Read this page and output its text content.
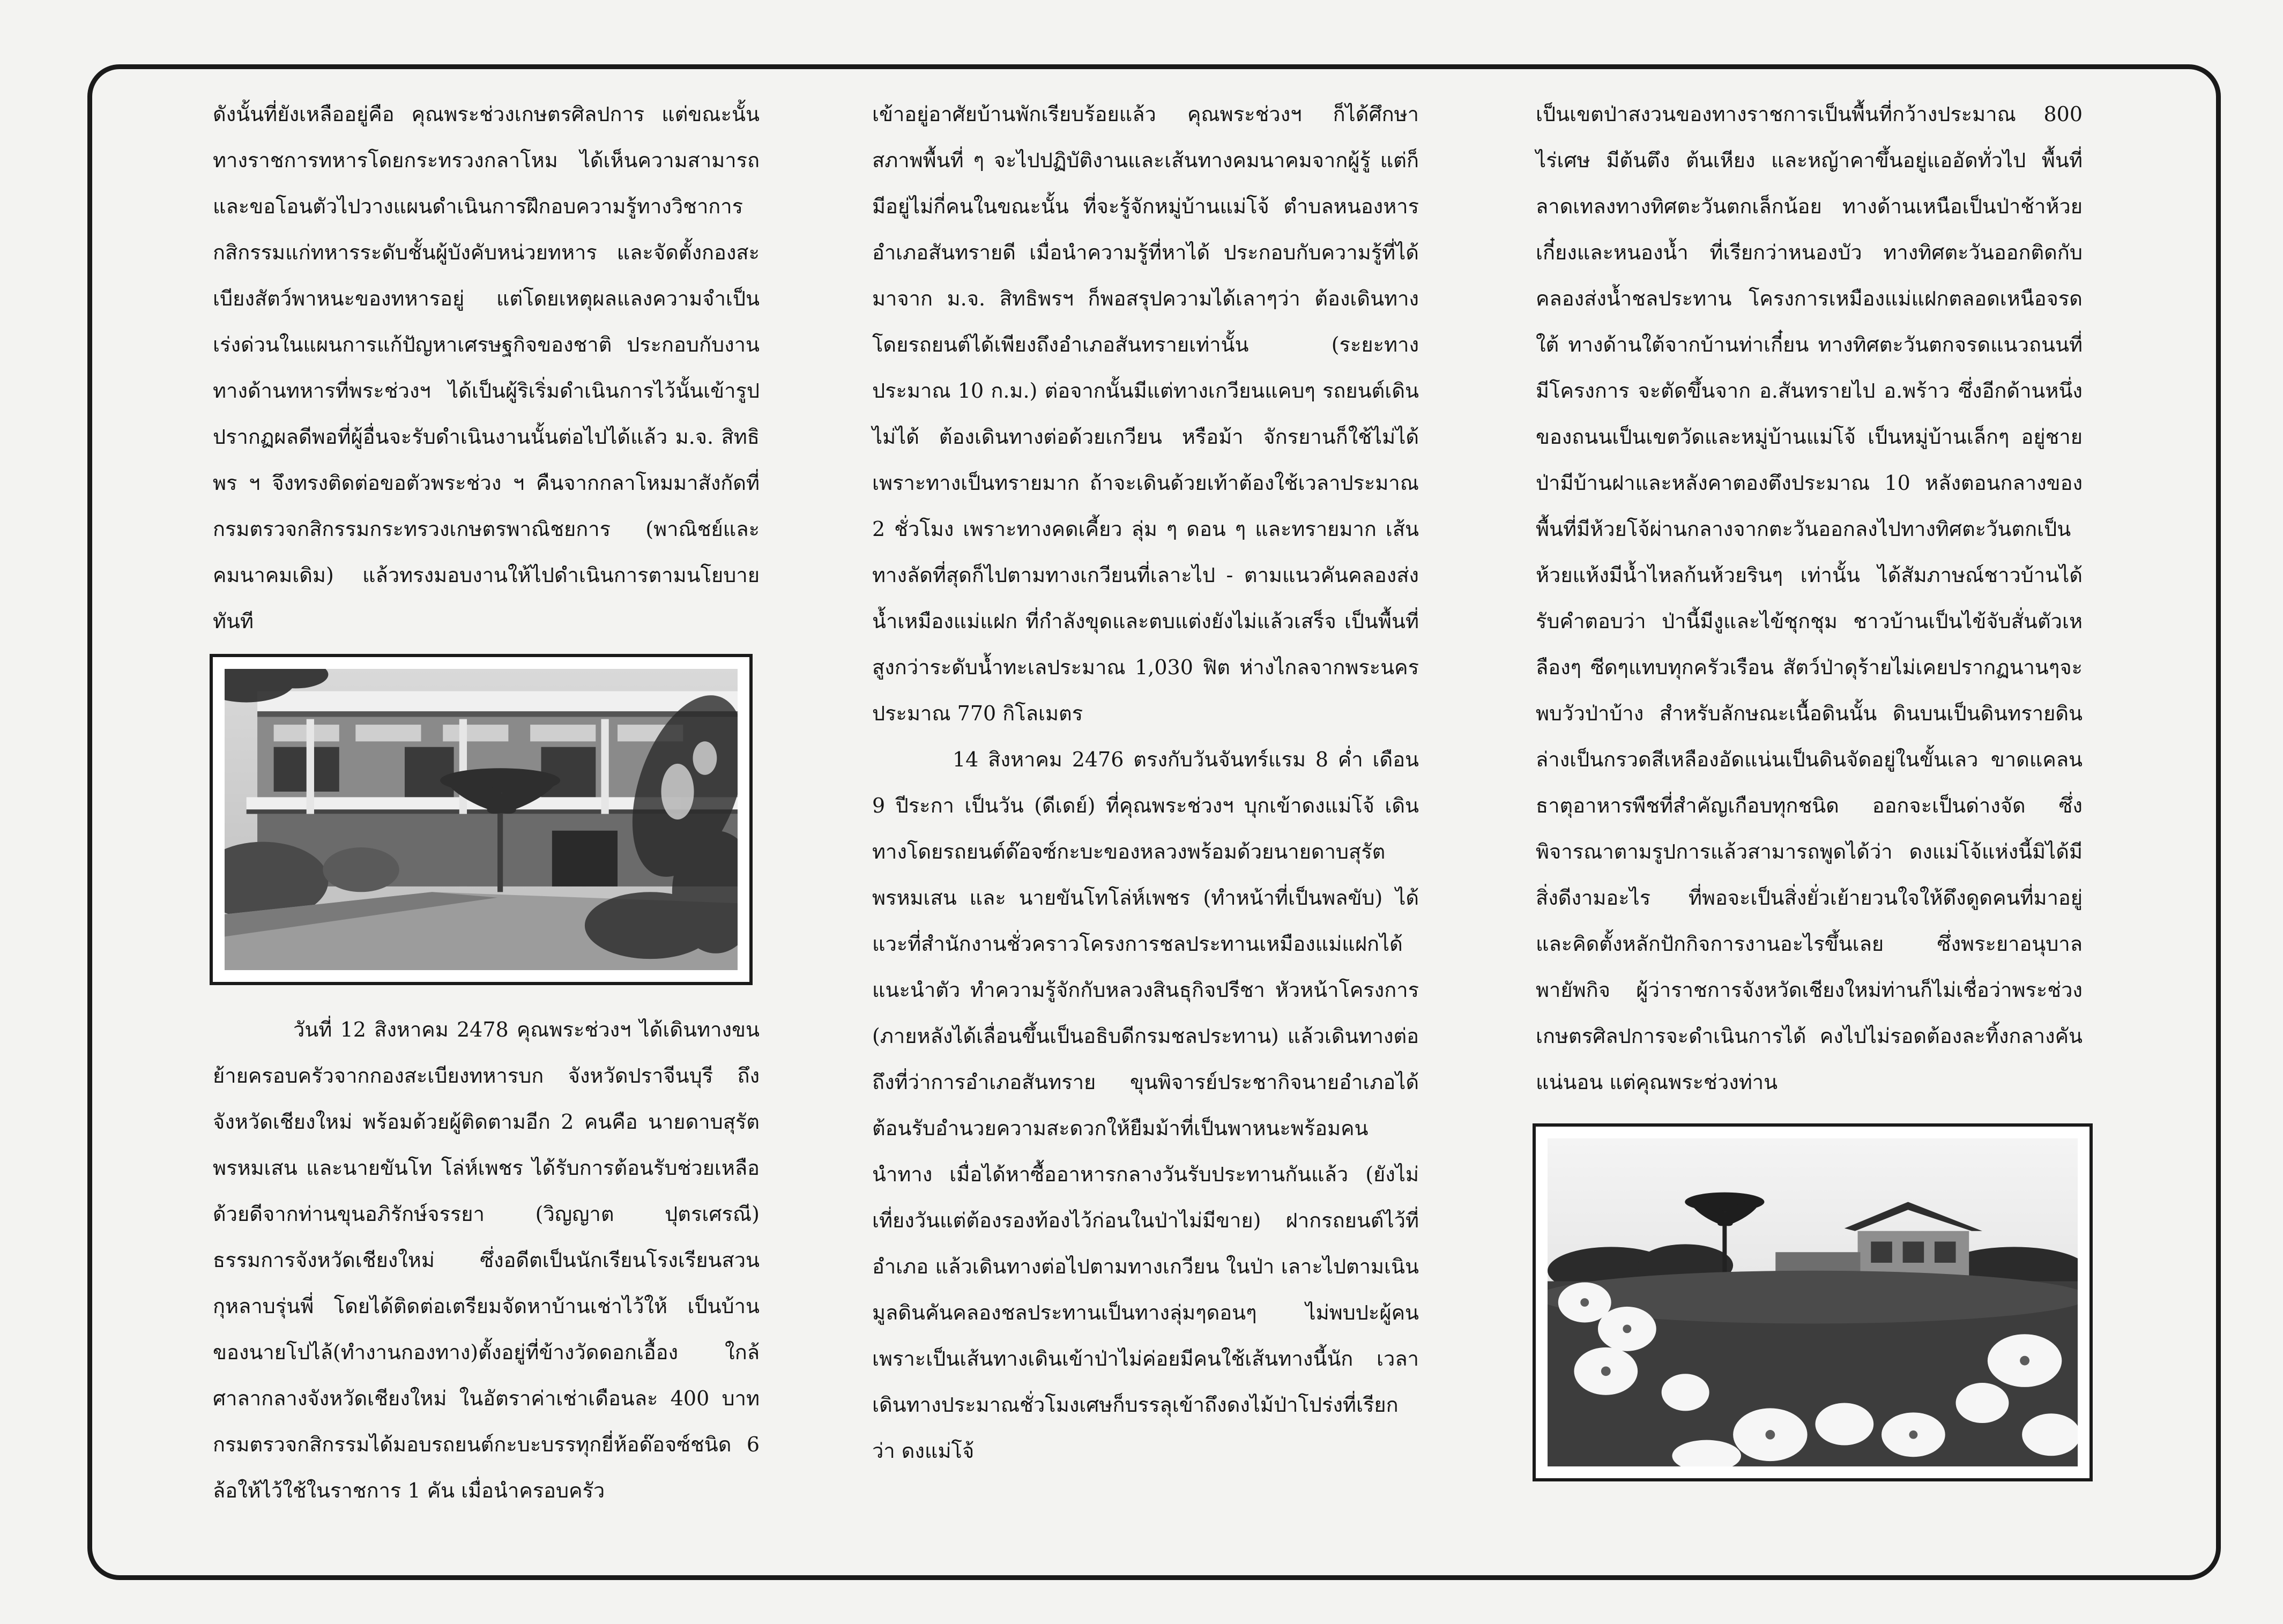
ดังนั้นที่ยังเหลืออยู่คือ คุณพระช่วงเกษตรศิลปการ แต่ขณะนั้นทางราชการทหารโดยกระทรวงกลาโหม ได้เห็นความสามารถและขอโอนตัวไปวางแผนดำเนินการฝึกอบความรู้ทางวิชาการกสิกรรมแก่ทหารระดับชั้นผู้บังคับหน่วยทหาร และจัดตั้งกองสะเบียงสัตว์พาหนะของทหารอยู่ แต่โดยเหตุผลแลงความจำเป็นเร่งด่วนในแผนการแก้ปัญหาเศรษฐกิจของชาติ ประกอบกับงานทางด้านทหารที่พระช่วงฯ ได้เป็นผู้ริเริ่มดำเนินการไว้นั้นเข้ารูปปรากฏผลดีพอที่ผู้อื่นจะรับดำเนินงานนั้นต่อไปได้แล้ว ม.จ. สิทธิพร ฯ จึงทรงติดต่อขอตัวพระช่วง ฯ คืนจากกลาโหมมาสังกัดที่กรมตรวจกสิกรรมกระทรวงเกษตรพาณิชยการ (พาณิชย์และคมนาคมเดิม) แล้วทรงมอบงานให้ไปดำเนินการตามนโยบายทันที

วันที่ 12 สิงหาคม 2478 คุณพระช่วงฯ ได้เดินทางขนย้ายครอบครัวจากกองสะเบียงทหารบก จังหวัดปราจีนบุรี ถึงจังหวัดเชียงใหม่ พร้อมด้วยผู้ติดตามอีก 2 คนคือ นายดาบสุรัต พรหมเสน และนายขันโท โล่ห์เพชร ได้รับการต้อนรับช่วยเหลือด้วยดีจากท่านขุนอภิรักษ์จรรยา (วิญญาต ปุตรเศรณี) ธรรมการจังหวัดเชียงใหม่ ซึ่งอดีตเป็นนักเรียนโรงเรียนสวนกุหลาบรุ่นพี่ โดยได้ติดต่อเตรียมจัดหาบ้านเช่าไว้ให้ เป็นบ้านของนายโปไล้(ทำงานกองทาง)ตั้งอยู่ที่ข้างวัดดอกเอื้อง ใกล้ศาลากลางจังหวัดเชียงใหม่ ในอัตราค่าเช่าเดือนละ 400 บาท กรมตรวจกสิกรรมได้มอบรถยนต์กะบะบรรทุกยี่ห้อด๊อจซ์ชนิด 6 ล้อให้ไว้ใช้ในราชการ 1 คัน เมื่อนำครอบครัว

เข้าอยู่อาศัยบ้านพักเรียบร้อยแล้ว คุณพระช่วงฯ ก็ได้ศึกษาสภาพพื้นที่ ๆ จะไปปฏิบัติงานและเส้นทางคมนาคมจากผู้รู้ แต่ก็มีอยู่ไม่กี่คนในขณะนั้น ที่จะรู้จักหมู่บ้านแม่โจ้ ตำบลหนองหาร อำเภอสันทรายดี เมื่อนำความรู้ที่หาได้ ประกอบกับความรู้ที่ได้มาจาก ม.จ. สิทธิพรฯ ก็พอสรุปความได้เลาๆว่า ต้องเดินทางโดยรถยนต์ได้เพียงถึงอำเภอสันทรายเท่านั้น (ระยะทางประมาณ 10 ก.ม.) ต่อจากนั้นมีแต่ทางเกวียนแคบๆ รถยนต์เดินไม่ได้ ต้องเดินทางต่อด้วยเกวียน หรือม้า จักรยานก็ใช้ไม่ได้เพราะทางเป็นทรายมาก ถ้าจะเดินด้วยเท้าต้องใช้เวลาประมาณ 2 ชั่วโมง เพราะทางคดเคี้ยว ลุ่ม ๆ ดอน ๆ และทรายมาก เส้นทางลัดที่สุดก็ไปตามทางเกวียนที่เลาะไป - ตามแนวคันคลองส่งน้ำเหมืองแม่แฝก ที่กำลังขุดและตบแต่งยังไม่แล้วเสร็จ เป็นพื้นที่สูงกว่าระดับน้ำทะเลประมาณ 1,030 ฟิต ห่างไกลจากพระนครประมาณ 770 กิโลเมตร

14 สิงหาคม 2476 ตรงกับวันจันทร์แรม 8 ค่ำ เดือน 9 ปีระกา เป็นวัน (ดีเดย์) ที่คุณพระช่วงฯ บุกเข้าดงแม่โจ้ เดินทางโดยรถยนต์ด๊อจซ์กะบะของหลวงพร้อมด้วยนายดาบสุรัต พรหมเสน และ นายขันโทโล่ห์เพชร (ทำหน้าที่เป็นพลขับ) ได้แวะที่สำนักงานชั่วคราวโครงการชลประทานเหมืองแม่แฝกได้แนะนำตัว ทำความรู้จักกับหลวงสินธุกิจปรีชา หัวหน้าโครงการ (ภายหลังได้เลื่อนขึ้นเป็นอธิบดีกรมชลประทาน) แล้วเดินทางต่อถึงที่ว่าการอำเภอสันทราย ขุนพิจารย์ประชากิจนายอำเภอได้ต้อนรับอำนวยความสะดวกให้ยืมม้าที่เป็นพาหนะพร้อมคนนำทาง เมื่อได้หาซื้ออาหารกลางวันรับประทานกันแล้ว (ยังไม่เที่ยงวันแต่ต้องรองท้องไว้ก่อนในป่าไม่มีขาย) ฝากรถยนต์ไว้ที่อำเภอ แล้วเดินทางต่อไปตามทางเกวียน ในป่า เลาะไปตามเนินมูลดินคันคลองชลประทานเป็นทางลุ่มๆดอนๆ ไม่พบปะผู้คนเพราะเป็นเส้นทางเดินเข้าป่าไม่ค่อยมีคนใช้เส้นทางนี้นัก เวลาเดินทางประมาณชั่วโมงเศษก็บรรลุเข้าถึงดงไม้ป่าโปร่งที่เรียกว่า ดงแม่โจ้

เป็นเขตป่าสงวนของทางราชการเป็นพื้นที่กว้างประมาณ 800 ไร่เศษ มีต้นตึง ต้นเหียง และหญ้าคาขึ้นอยู่แออัดทั่วไป พื้นที่ลาดเทลงทางทิศตะวันตกเล็กน้อย ทางด้านเหนือเป็นป่าช้าห้วยเกี๋ยงและหนองน้ำ ที่เรียกว่าหนองบัว ทางทิศตะวันออกติดกับคลองส่งน้ำชลประทาน โครงการเหมืองแม่แฝกตลอดเหนือจรดใต้ ทางด้านใต้จากบ้านท่าเกี๋ยน ทางทิศตะวันตกจรดแนวถนนที่มีโครงการ จะตัดขึ้นจาก อ.สันทรายไป อ.พร้าว ซึ่งอีกด้านหนึ่งของถนนเป็นเขตวัดและหมู่บ้านแม่โจ้ เป็นหมู่บ้านเล็กๆ อยู่ชายป่ามีบ้านฝาและหลังคาตองตึงประมาณ 10 หลังตอนกลางของพื้นที่มีห้วยโจ้ผ่านกลางจากตะวันออกลงไปทางทิศตะวันตกเป็นห้วยแห้งมีน้ำไหลก้นห้วยรินๆ เท่านั้น ได้สัมภาษณ์ชาวบ้านได้รับคำตอบว่า ป่านี้มีงูและไข้ชุกชุม ชาวบ้านเป็นไข้จับสั่นตัวเหลืองๆ ซีดๆแทบทุกครัวเรือน สัตว์ป่าดุร้ายไม่เคยปรากฏนานๆจะพบวัวป่าบ้าง สำหรับลักษณะเนื้อดินนั้น ดินบนเป็นดินทรายดินล่างเป็นกรวดสีเหลืองอัดแน่นเป็นดินจัดอยู่ในขั้นเลว ขาดแคลนธาตุอาหารพืชที่สำคัญเกือบทุกชนิด ออกจะเป็นด่างจัด ซึ่งพิจารณาตามรูปการแล้วสามารถพูดได้ว่า ดงแม่โจ้แห่งนี้มิได้มีสิ่งดีงามอะไร ที่พอจะเป็นสิ่งยั่วเย้ายวนใจให้ดึงดูดคนที่มาอยู่และคิดตั้งหลักปักกิจการงานอะไรขึ้นเลย ซึ่งพระยาอนุบาลพายัพกิจ ผู้ว่าราชการจังหวัดเชียงใหม่ท่านก็ไม่เชื่อว่าพระช่วงเกษตรศิลปการจะดำเนินการได้ คงไปไม่รอดต้องละทิ้งกลางคันแน่นอน แต่คุณพระช่วงท่าน
